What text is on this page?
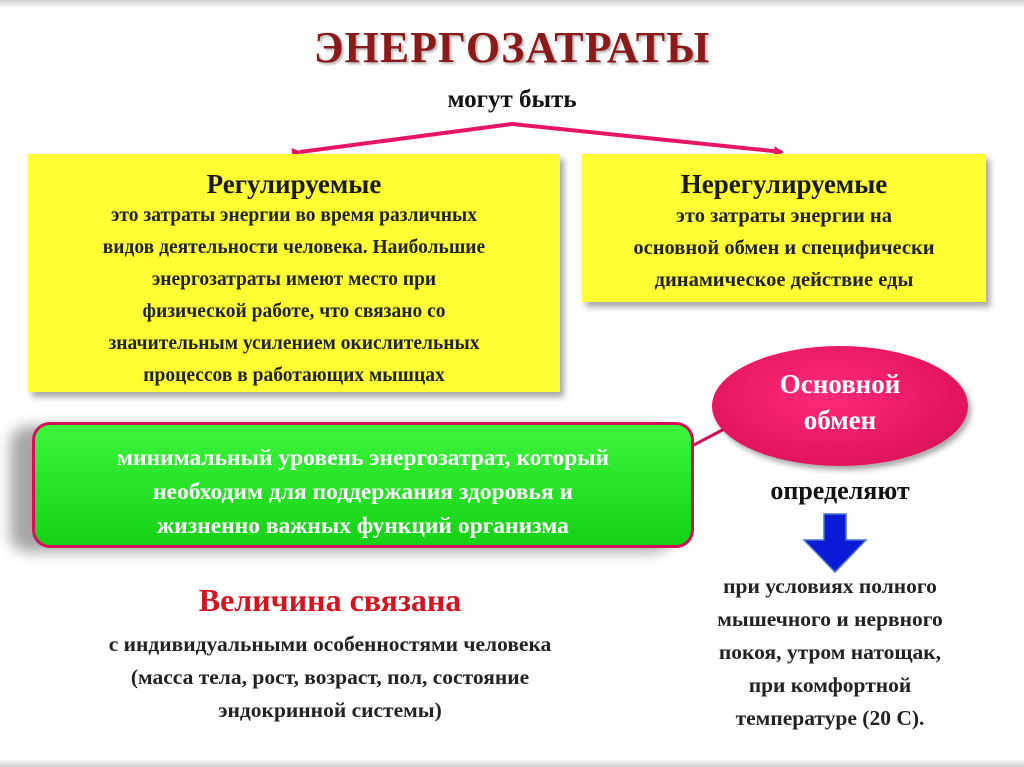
ЭНЕРГОЗАТРАТЫ
могут быть
Регулируемые
это затраты энергии во время различных
видов деятельности человека. Наибольшие
энергозатраты имеют место при
физической работе, что связано со
значительным усилением окислительных
процессов в работающих мышцах
Нерегулируемые
это затраты энергии на
основной обмен и специфически
динамическое действие еды
Основной
обмен
минимальный уровень энергозатрат, который
необходим для поддержания здоровья и
жизненно важных функций организма
определяют
при условиях полного
мышечного и нервного
покоя, утром натощак,
при комфортной
температуре (20 С).
Величина связана
с индивидуальными особенностями человека
(масса тела, рост, возраст, пол, состояние
эндокринной системы)
